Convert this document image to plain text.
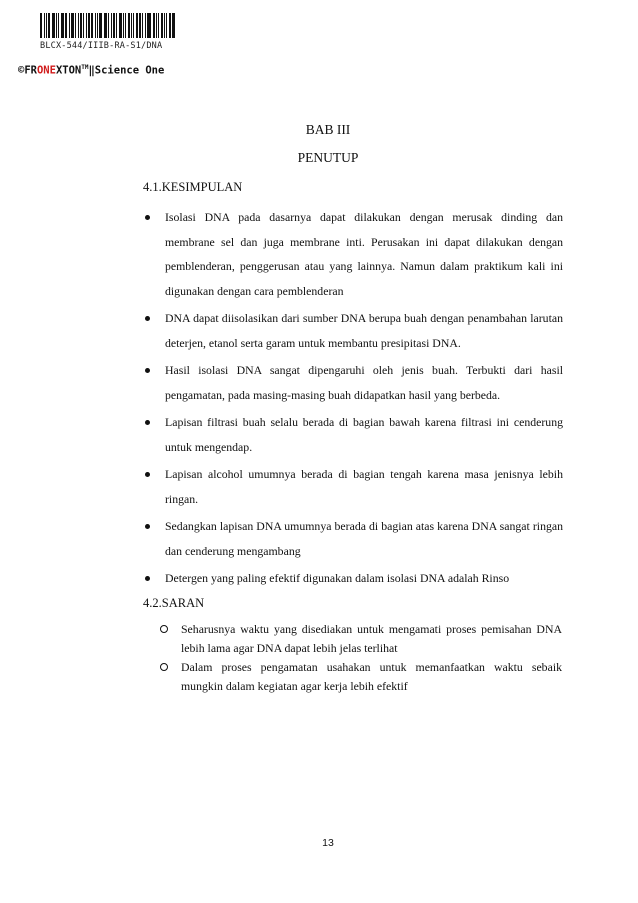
BLCX-544/IIIB-RA-S1/DNA
©FRONEXTON™‖Science One
BAB III
PENUTUP
4.1.KESIMPULAN
Isolasi DNA pada dasarnya dapat dilakukan dengan merusak dinding dan membrane sel dan juga membrane inti. Perusakan ini dapat dilakukan dengan pemblenderan, penggerusan atau yang lainnya. Namun dalam praktikum kali ini digunakan dengan cara pemblenderan
DNA dapat diisolasikan dari sumber DNA berupa buah dengan penambahan larutan deterjen, etanol serta garam untuk membantu presipitasi DNA.
Hasil isolasi DNA sangat dipengaruhi oleh jenis buah. Terbukti dari hasil pengamatan, pada masing-masing buah didapatkan hasil yang berbeda.
Lapisan filtrasi buah selalu berada di bagian bawah karena filtrasi ini cenderung untuk mengendap.
Lapisan alcohol umumnya berada di bagian tengah karena masa jenisnya lebih ringan.
Sedangkan lapisan DNA umumnya berada di bagian atas karena DNA sangat ringan dan cenderung mengambang
Detergen yang paling efektif digunakan dalam isolasi DNA adalah Rinso
4.2.SARAN
Seharusnya waktu yang disediakan untuk mengamati proses pemisahan DNA lebih lama agar DNA dapat lebih jelas terlihat
Dalam proses pengamatan usahakan untuk memanfaatkan waktu sebaik mungkin dalam kegiatan agar kerja lebih efektif
13
